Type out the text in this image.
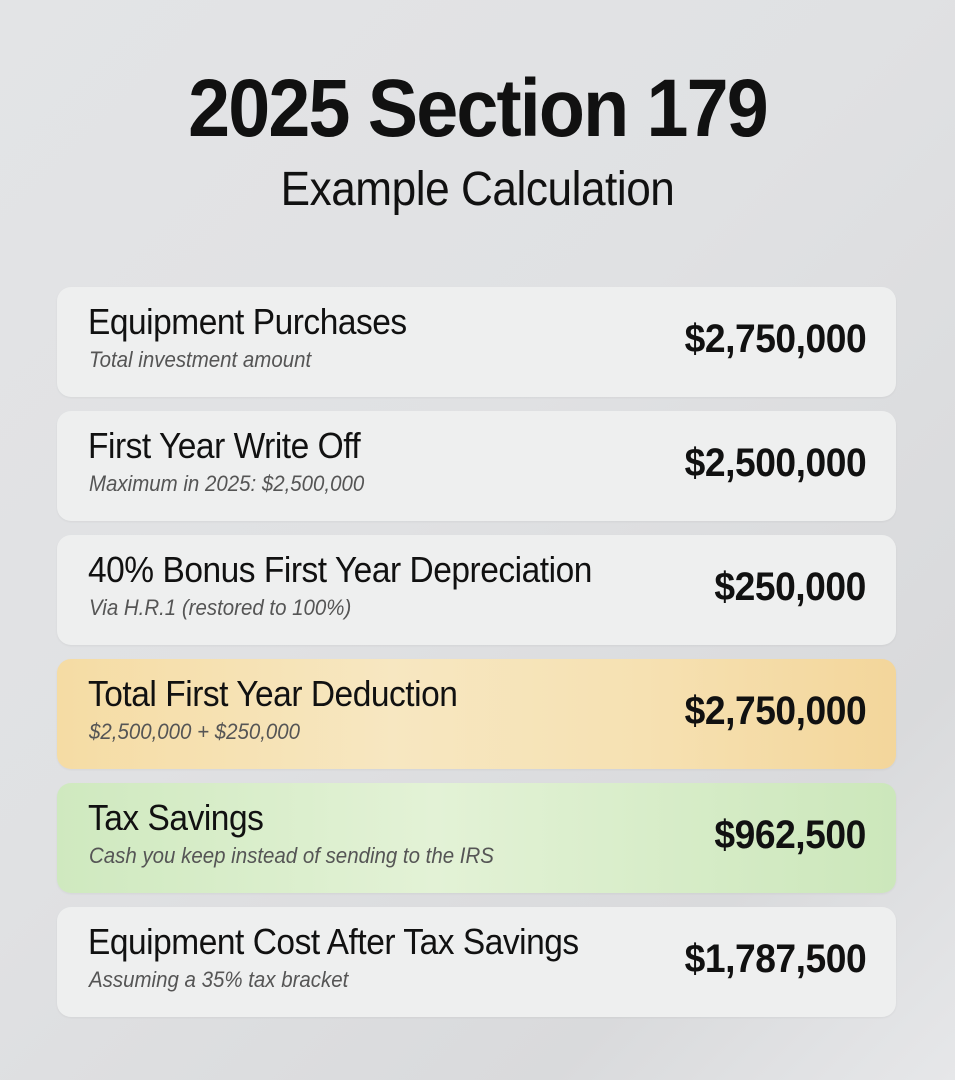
2025 Section 179
Example Calculation
Equipment Purchases
Total investment amount	$2,750,000
First Year Write Off
Maximum in 2025: $2,500,000	$2,500,000
40% Bonus First Year Depreciation
Via H.R.1 (restored to 100%)	$250,000
Total First Year Deduction
$2,500,000 + $250,000	$2,750,000
Tax Savings
Cash you keep instead of sending to the IRS	$962,500
Equipment Cost After Tax Savings
Assuming a 35% tax bracket	$1,787,500
